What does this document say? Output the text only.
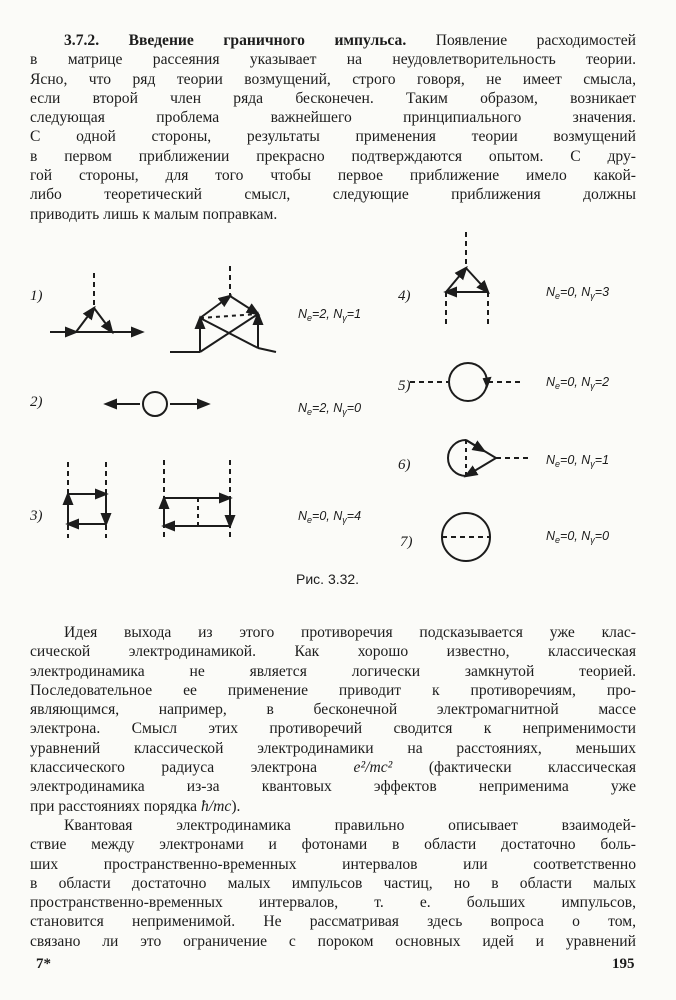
3.7.2. Введение граничного импульса. Появление расходимостей
в матрице рассеяния указывает на неудовлетворительность теории.
Ясно, что ряд теории возмущений, строго говоря, не имеет смысла,
если второй член ряда бесконечен. Таким образом, возникает
следующая проблема важнейшего принципиального значения.
С одной стороны, результаты применения теории возмущений
в первом приближении прекрасно подтверждаются опытом. С дру-
гой стороны, для того чтобы первое приближение имело какой-
либо теоретический смысл, следующие приближения должны
приводить лишь к малым поправкам.
1)
2)
3)
4)
5)
6)
7)
$N_e=2$, $N_\gamma=1$
$N_e=2$, $N_\gamma=0$
$N_e=0$, $N_\gamma=4$
$N_e=0$, $N_\gamma=3$
$N_e=0$, $N_\gamma=2$
$N_e=0$, $N_\gamma=1$
$N_e=0$, $N_\gamma=0$
Рис. 3.32.
Идея выхода из этого противоречия подсказывается уже клас-
сической электродинамикой. Как хорошо известно, классическая
электродинамика не является логически замкнутой теорией.
Последовательное ее применение приводит к противоречиям, про-
являющимся, например, в бесконечной электромагнитной массе
электрона. Смысл этих противоречий сводится к неприменимости
уравнений классической электродинамики на расстояниях, меньших
классического радиуса электрона e²/mc² (фактически классическая
электродинамика из-за квантовых эффектов неприменима уже
при расстояниях порядка ħ/mc).
Квантовая электродинамика правильно описывает взаимодей-
ствие между электронами и фотонами в области достаточно боль-
ших пространственно-временных интервалов или соответственно
в области достаточно малых импульсов частиц, но в области малых
пространственно-временных интервалов, т. е. больших импульсов,
становится неприменимой. Не рассматривая здесь вопроса о том,
связано ли это ограничение с пороком основных идей и уравнений
7*	195
